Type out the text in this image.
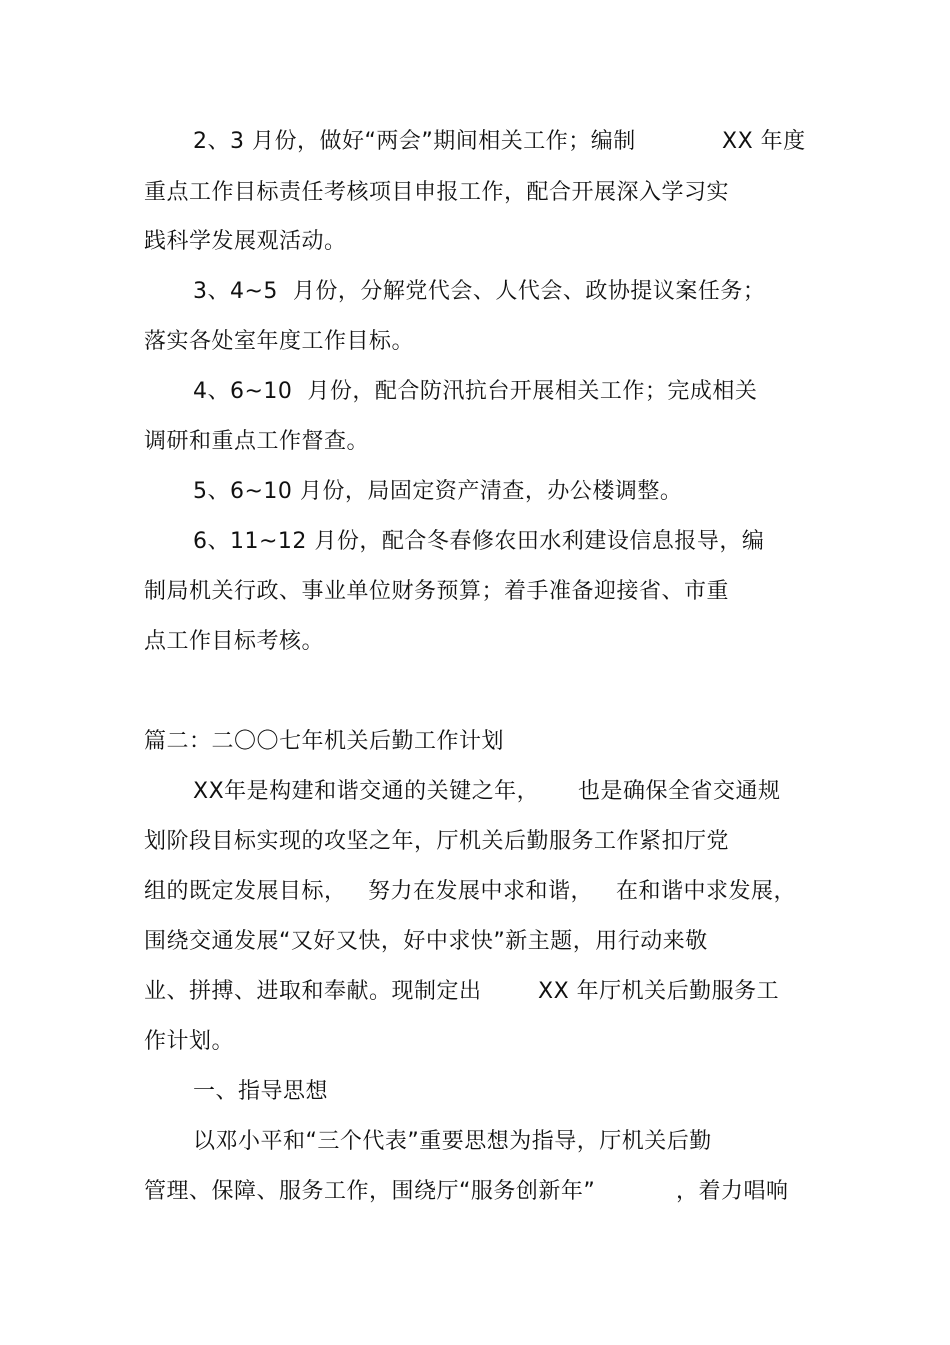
2、3 月份，做好“两会”期间相关工作；编制	XX 年度
重点工作目标责任考核项目申报工作，配合开展深入学习实
践科学发展观活动。
3、4~5  月份，分解党代会、人代会、政协提议案任务；
落实各处室年度工作目标。
4、6~10  月份，配合防汛抗台开展相关工作；完成相关
调研和重点工作督查。
5、6~10 月份，局固定资产清查，办公楼调整。
6、11~12 月份，配合冬春修农田水利建设信息报导，编
制局机关行政、事业单位财务预算；着手准备迎接省、市重
点工作目标考核。
篇二：二〇〇七年机关后勤工作计划
XX年是构建和谐交通的关键之年， 也是确保全省交通规
划阶段目标实现的攻坚之年，厅机关后勤服务工作紧扣厅党
组的既定发展目标， 努力在发展中求和谐， 在和谐中求发展，
围绕交通发展“又好又快，好中求快”新主题，用行动来敬
业、拼搏、进取和奉献。现制定出	XX 年厅机关后勤服务工
作计划。
一、指导思想
以邓小平和“三个代表”重要思想为指导，厅机关后勤
管理、保障、服务工作，围绕厅“服务创新年”	，着力唱响
